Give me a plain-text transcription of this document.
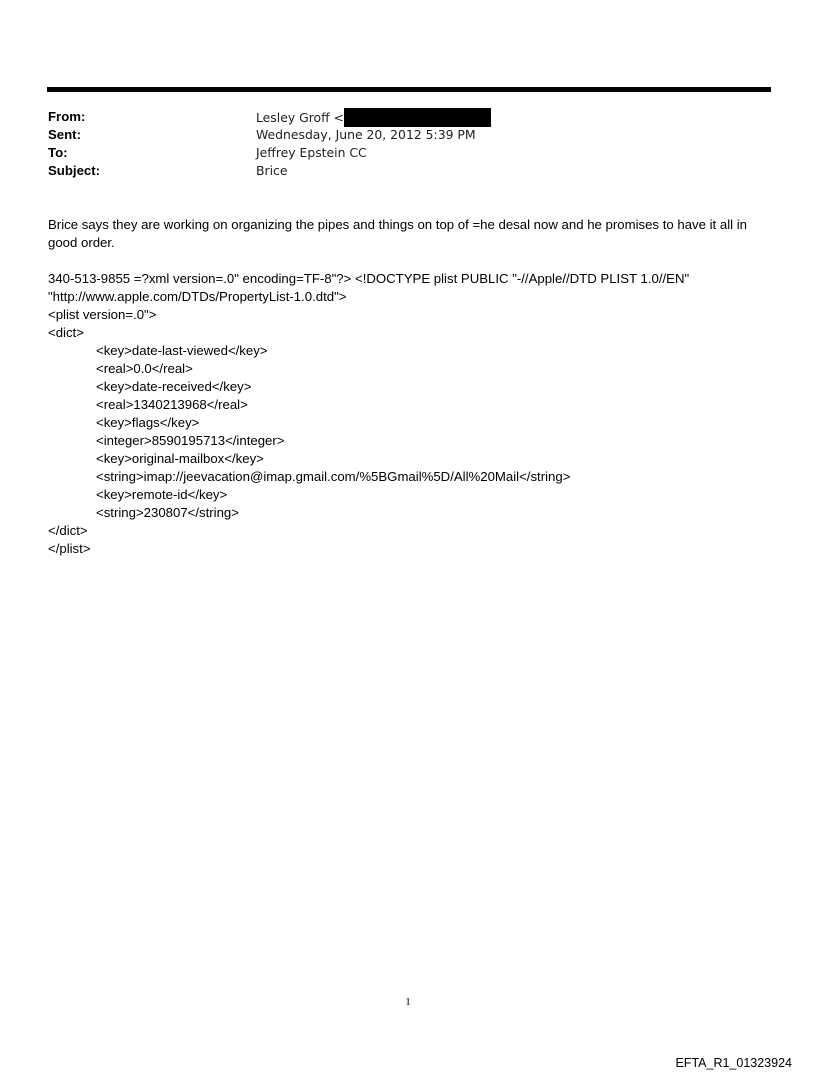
From:	Lesley Groff <
Sent:	Wednesday, June 20, 2012 5:39 PM
To:	Jeffrey Epstein CC
Subject:	Brice

Brice says they are working on organizing the pipes and things on top of =he desal now and he promises to have it all in good order.

340-513-9855 =?xml version=.0" encoding=TF-8"?> <!DOCTYPE plist PUBLIC "-//Apple//DTD PLIST 1.0//EN"
"http://www.apple.com/DTDs/PropertyList-1.0.dtd">
<plist version=.0">
<dict>
<key>date-last-viewed</key>
<real>0.0</real>
<key>date-received</key>
<real>1340213968</real>
<key>flags</key>
<integer>8590195713</integer>
<key>original-mailbox</key>
<string>imap://jeevacation@imap.gmail.com/%5BGmail%5D/All%20Mail</string>
<key>remote-id</key>
<string>230807</string>
</dict>
</plist>
1
EFTA_R1_01323924
